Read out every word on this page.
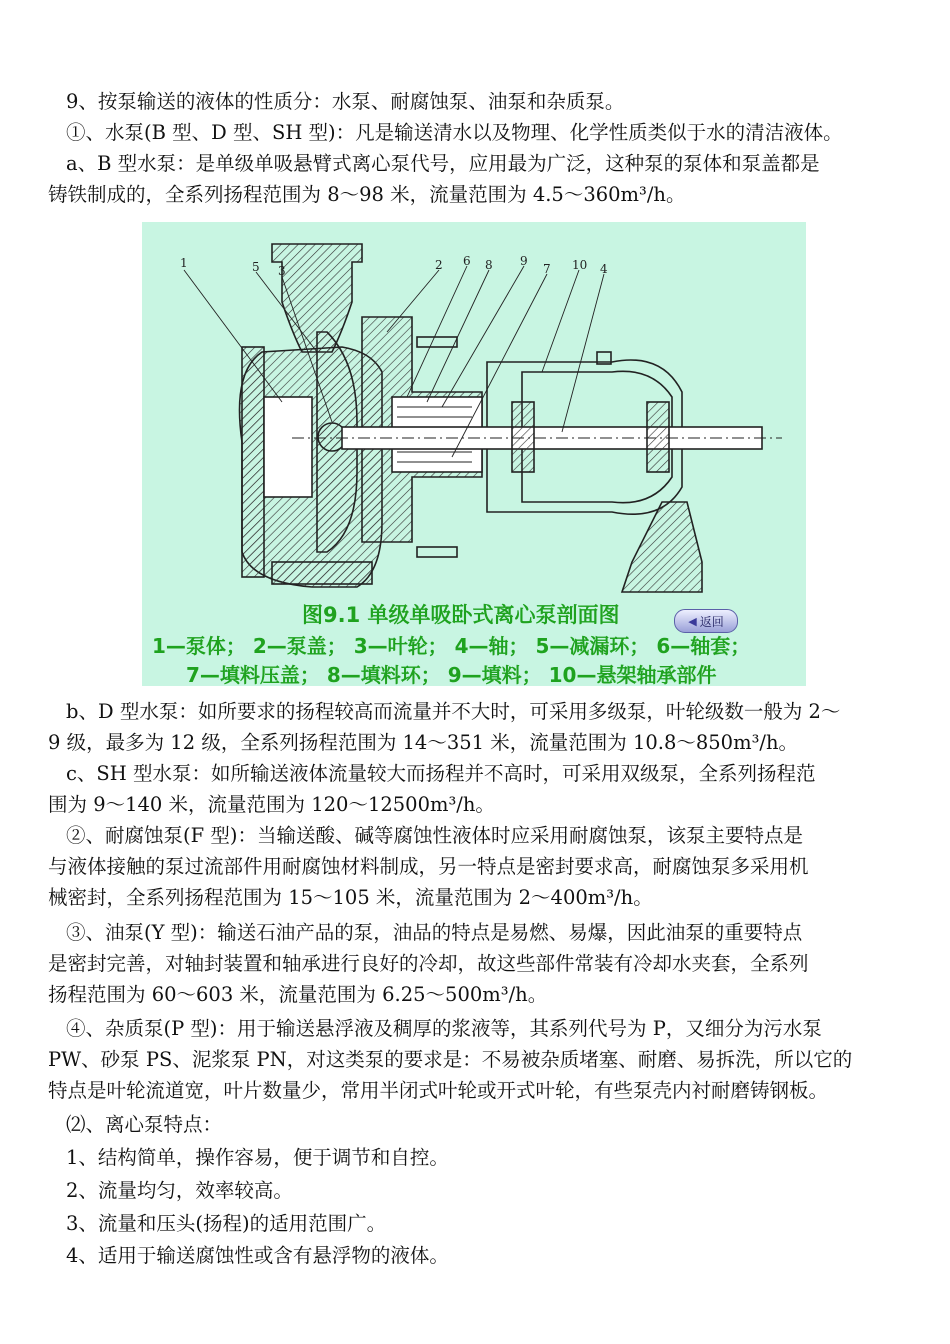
9、按泵输送的液体的性质分：水泵、耐腐蚀泵、油泵和杂质泵。

①、水泵(B 型、D 型、SH 型)：凡是输送清水以及物理、化学性质类似于水的清洁液体。

a、B 型水泵：是单级单吸悬臂式离心泵代号，应用最为广泛，这种泵的泵体和泵盖都是
铸铁制成的，全系列扬程范围为 8～98 米，流量范围为 4.5～360m³/h。

1	5 3	2 6 8 9
7 10 4
图9.1 单级单吸卧式离心泵剖面图	◀ 返回
1—泵体； 2—泵盖； 3—叶轮； 4—轴； 5—减漏环； 6—轴套；
7—填料压盖； 8—填料环； 9—填料； 10—悬架轴承部件

b、D 型水泵：如所要求的扬程较高而流量并不大时，可采用多级泵，叶轮级数一般为 2～
9 级，最多为 12 级，全系列扬程范围为 14～351 米，流量范围为 10.8～850m³/h。

c、SH 型水泵：如所输送液体流量较大而扬程并不高时，可采用双级泵，全系列扬程范
围为 9～140 米，流量范围为 120～12500m³/h。

②、耐腐蚀泵(F 型)：当输送酸、碱等腐蚀性液体时应采用耐腐蚀泵，该泵主要特点是
与液体接触的泵过流部件用耐腐蚀材料制成，另一特点是密封要求高，耐腐蚀泵多采用机
械密封，全系列扬程范围为 15～105 米，流量范围为 2～400m³/h。

③、油泵(Y 型)：输送石油产品的泵，油品的特点是易燃、易爆，因此油泵的重要特点
是密封完善，对轴封装置和轴承进行良好的冷却，故这些部件常装有冷却水夹套，全系列
扬程范围为 60～603 米，流量范围为 6.25～500m³/h。

④、杂质泵(P 型)：用于输送悬浮液及稠厚的浆液等，其系列代号为 P，又细分为污水泵
PW、砂泵 PS、泥浆泵 PN，对这类泵的要求是：不易被杂质堵塞、耐磨、易拆洗，所以它的
特点是叶轮流道宽，叶片数量少，常用半闭式叶轮或开式叶轮，有些泵壳内衬耐磨铸钢板。

⑵、离心泵特点：

1、结构简单，操作容易，便于调节和自控。

2、流量均匀，效率较高。

3、流量和压头(扬程)的适用范围广。

4、适用于输送腐蚀性或含有悬浮物的液体。
